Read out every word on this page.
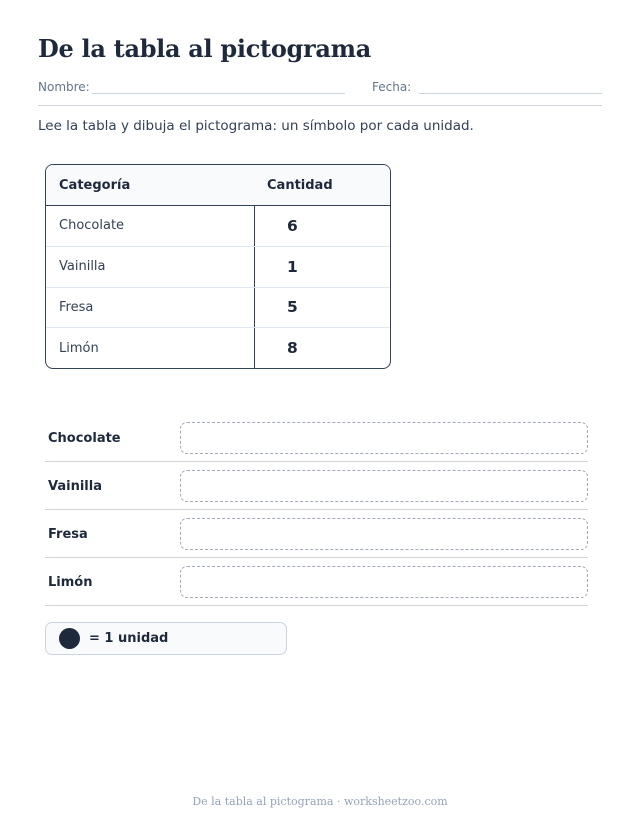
De la tabla al pictograma
Nombre:	Fecha:

Lee la tabla y dibuja el pictograma: un símbolo por cada unidad.

Categoría	Cantidad
Chocolate	6
Vainilla	1
Fresa	5
Limón	8
Chocolate
Vainilla
Fresa
Limón
= 1 unidad
De la tabla al pictograma · worksheetzoo.com
